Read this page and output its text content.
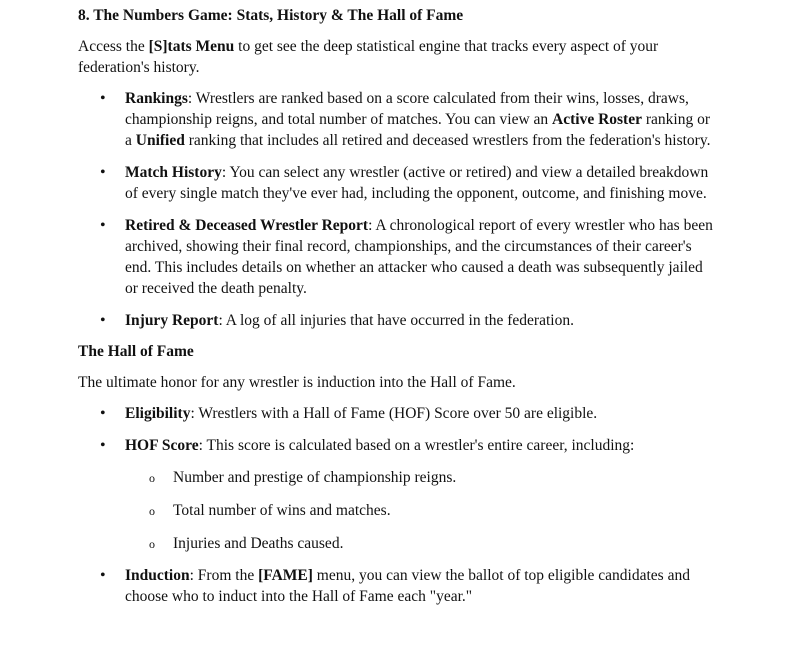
8. The Numbers Game: Stats, History & The Hall of Fame

Access the [S]tats Menu to get see the deep statistical engine that tracks every aspect of your federation's history.

• Rankings: Wrestlers are ranked based on a score calculated from their wins, losses, draws, championship reigns, and total number of matches. You can view an Active Roster ranking or a Unified ranking that includes all retired and deceased wrestlers from the federation's history.
• Match History: You can select any wrestler (active or retired) and view a detailed breakdown of every single match they've ever had, including the opponent, outcome, and finishing move.
• Retired & Deceased Wrestler Report: A chronological report of every wrestler who has been archived, showing their final record, championships, and the circumstances of their career's end. This includes details on whether an attacker who caused a death was subsequently jailed or received the death penalty.
• Injury Report: A log of all injuries that have occurred in the federation.
The Hall of Fame

The ultimate honor for any wrestler is induction into the Hall of Fame.

• Eligibility: Wrestlers with a Hall of Fame (HOF) Score over 50 are eligible.
• HOF Score: This score is calculated based on a wrestler's entire career, including:
o Number and prestige of championship reigns.
o Total number of wins and matches.
o Injuries and Deaths caused.
• Induction: From the [FAME] menu, you can view the ballot of top eligible candidates and choose who to induct into the Hall of Fame each "year."
